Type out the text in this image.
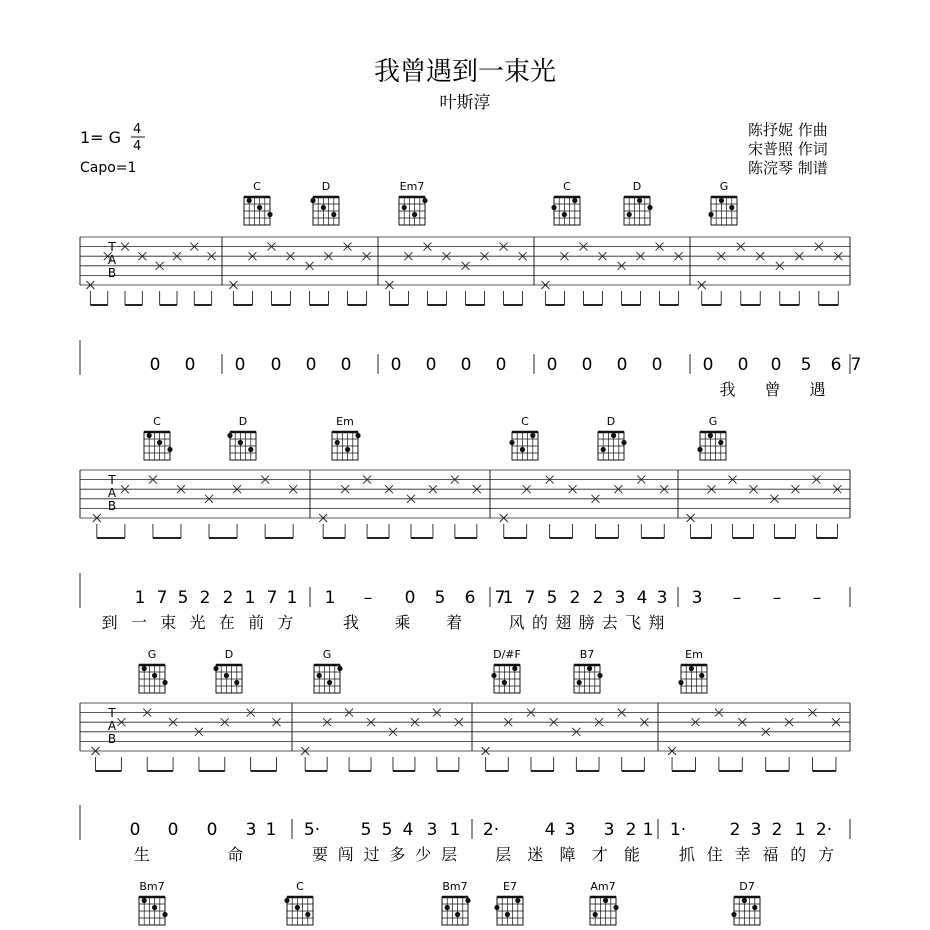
我曾遇到一束光
叶斯淳
1= G 4
4
Capo=1
陈抒妮 作曲
宋普照 作词
陈浣琴 制谱
C	D	Em7	C	D	G
T
A
B
0 0 0 0 0 0 0 0 0 0 0 0 0 0 0 0 0 5 6 7
我 曾 遇
C	D	Em	C	D	G
T
A
B
1 7 5 2 2 1 7 1
到 一 束 光 在 前 方
1 – 0 5 6 7
我 乘 着
1 7 5 2 2 3 4 3
风 的 翅 膀 去 飞 翔
3 – – –
G	D	G	D/#F	B7	Em
T
A
B
0 0 0 3 1
生	命
5· 5 5 4 3 1
要 闯 过 多 少 层
2·	4 3 3 2 1
层 迷 障 才 能
1·	2 3 2 1 2·
抓 住 幸 福 的 方
Bm7	C	Bm7	E7	Am7	D7
